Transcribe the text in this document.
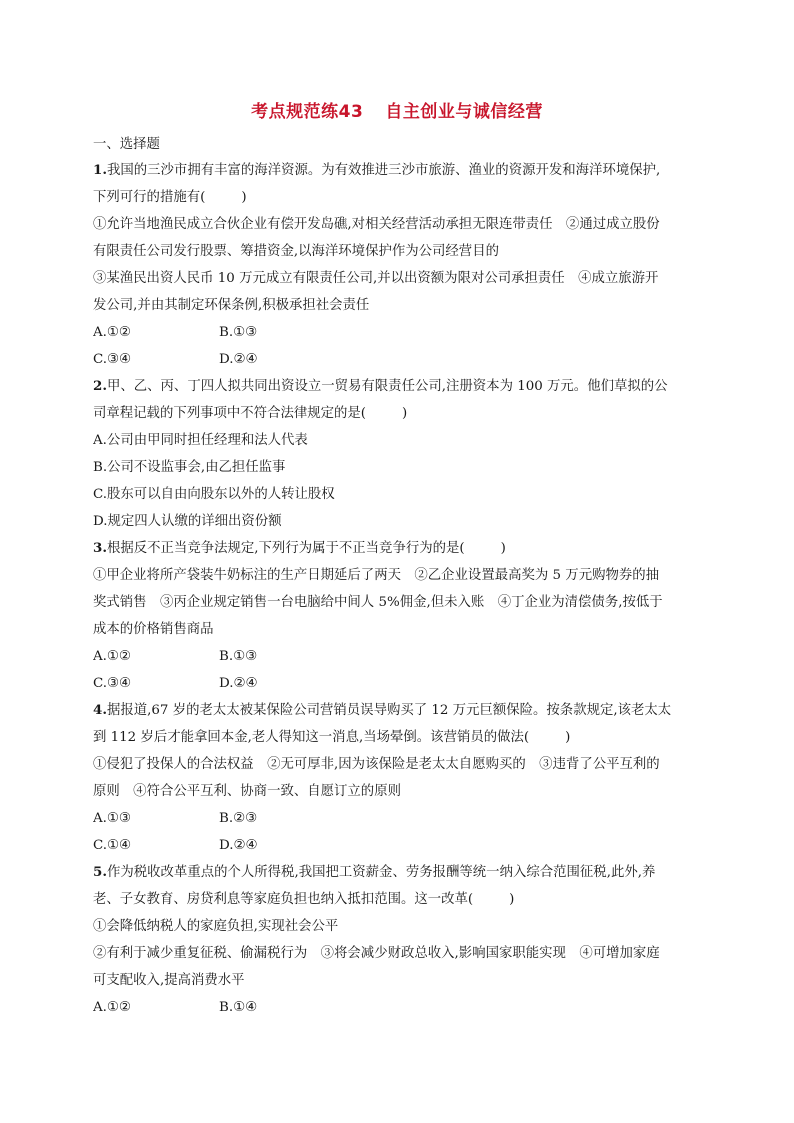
考点规范练43 自主创业与诚信经营
一、选择题
1.我国的三沙市拥有丰富的海洋资源。为有效推进三沙市旅游、渔业的资源开发和海洋环境保护,
下列可行的措施有(	)
①允许当地渔民成立合伙企业有偿开发岛礁,对相关经营活动承担无限连带责任　②通过成立股份
有限责任公司发行股票、筹措资金,以海洋环境保护作为公司经营目的
③某渔民出资人民币 10 万元成立有限责任公司,并以出资额为限对公司承担责任　④成立旅游开
发公司,并由其制定环保条例,积极承担社会责任
A.①②	B.①③
C.③④	D.②④
2.甲、乙、丙、丁四人拟共同出资设立一贸易有限责任公司,注册资本为 100 万元。他们草拟的公
司章程记载的下列事项中不符合法律规定的是(	)
A.公司由甲同时担任经理和法人代表
B.公司不设监事会,由乙担任监事
C.股东可以自由向股东以外的人转让股权
D.规定四人认缴的详细出资份额
3.根据反不正当竞争法规定,下列行为属于不正当竞争行为的是(	)
①甲企业将所产袋装牛奶标注的生产日期延后了两天　②乙企业设置最高奖为 5 万元购物券的抽
奖式销售　③丙企业规定销售一台电脑给中间人 5%佣金,但未入账　④丁企业为清偿债务,按低于
成本的价格销售商品
A.①②	B.①③
C.③④	D.②④
4.据报道,67 岁的老太太被某保险公司营销员误导购买了 12 万元巨额保险。按条款规定,该老太太
到 112 岁后才能拿回本金,老人得知这一消息,当场晕倒。该营销员的做法(	)
①侵犯了投保人的合法权益　②无可厚非,因为该保险是老太太自愿购买的　③违背了公平互利的
原则　④符合公平互利、协商一致、自愿订立的原则
A.①③	B.②③
C.①④	D.②④
5.作为税收改革重点的个人所得税,我国把工资薪金、劳务报酬等统一纳入综合范围征税,此外,养
老、子女教育、房贷利息等家庭负担也纳入抵扣范围。这一改革(	)
①会降低纳税人的家庭负担,实现社会公平
②有利于减少重复征税、偷漏税行为　③将会减少财政总收入,影响国家职能实现　④可增加家庭
可支配收入,提高消费水平
A.①②	B.①④
